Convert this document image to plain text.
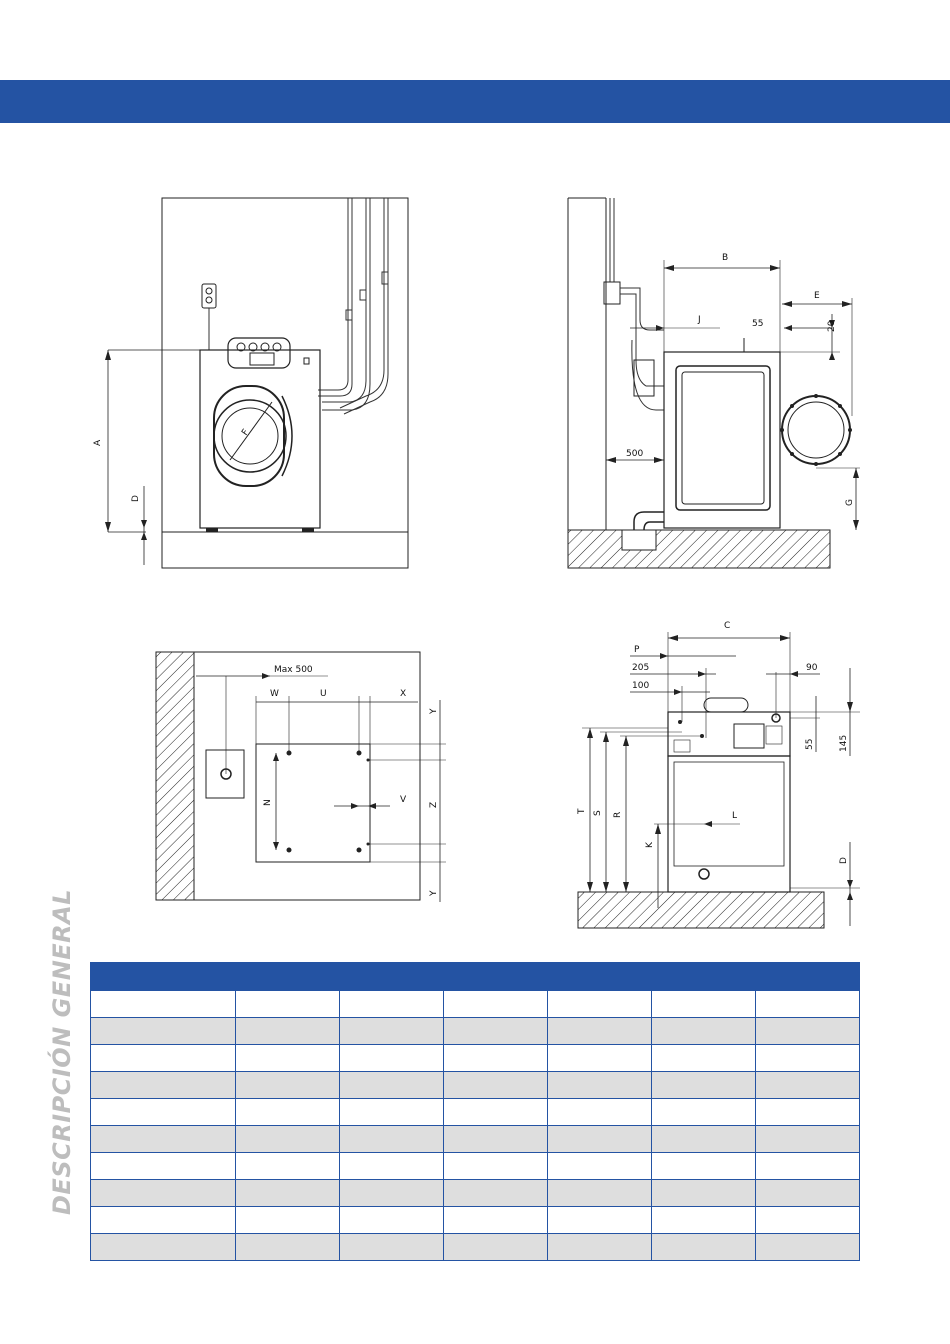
F
A
D
B
E
J	55	20
500
G
Max 500
W	U	X
N	V
Y
Z
Y
C
P
205
100
90
55	145
T S R
K
L
D
DESCRIPCIÓN GENERAL
